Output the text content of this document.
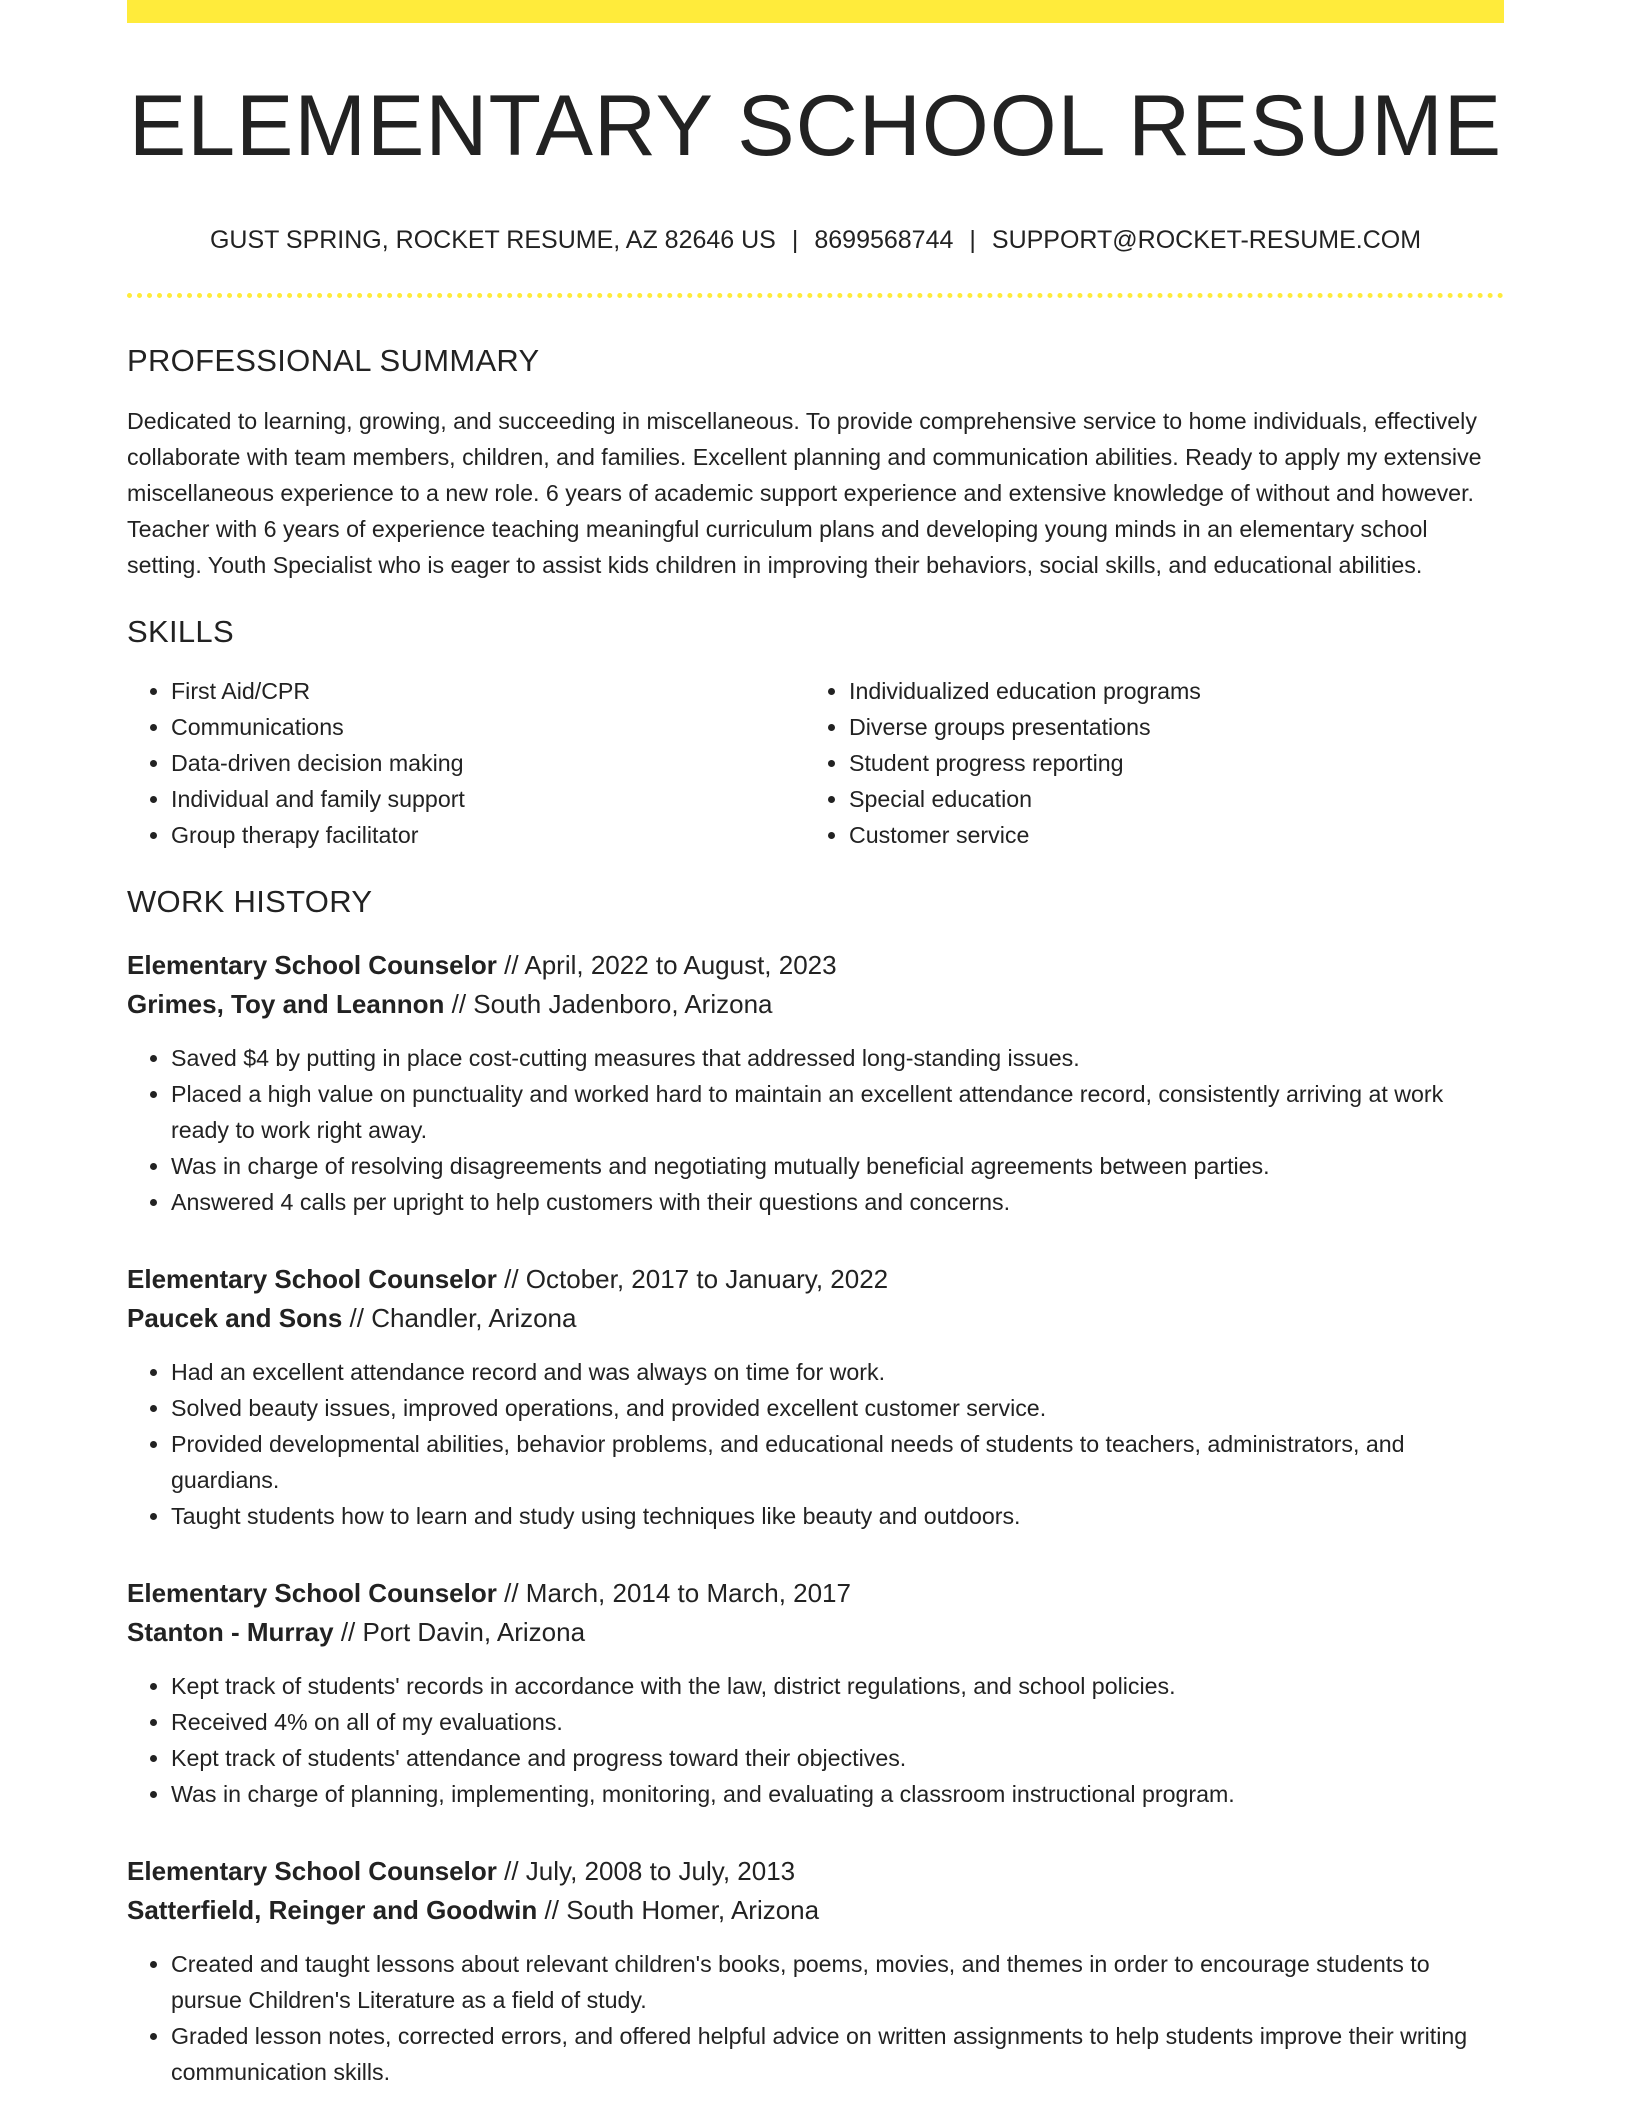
ELEMENTARY SCHOOL RESUME
GUST SPRING, ROCKET RESUME, AZ 82646 US | 8699568744 | SUPPORT@ROCKET-RESUME.COM
PROFESSIONAL SUMMARY

Dedicated to learning, growing, and succeeding in miscellaneous. To provide comprehensive service to home individuals, effectively collaborate with team members, children, and families. Excellent planning and communication abilities. Ready to apply my extensive miscellaneous experience to a new role. 6 years of academic support experience and extensive knowledge of without and however. Teacher with 6 years of experience teaching meaningful curriculum plans and developing young minds in an elementary school setting. Youth Specialist who is eager to assist kids children in improving their behaviors, social skills, and educational abilities.

SKILLS
• First Aid/CPR
• Communications
• Data-driven decision making
• Individual and family support
• Group therapy facilitator
• Individualized education programs
• Diverse groups presentations
• Student progress reporting
• Special education
• Customer service
WORK HISTORY
Elementary School Counselor // April, 2022 to August, 2023
Grimes, Toy and Leannon // South Jadenboro, Arizona
• Saved $4 by putting in place cost-cutting measures that addressed long-standing issues.
• Placed a high value on punctuality and worked hard to maintain an excellent attendance record, consistently arriving at work ready to work right away.
• Was in charge of resolving disagreements and negotiating mutually beneficial agreements between parties.
• Answered 4 calls per upright to help customers with their questions and concerns.
Elementary School Counselor // October, 2017 to January, 2022
Paucek and Sons // Chandler, Arizona
• Had an excellent attendance record and was always on time for work.
• Solved beauty issues, improved operations, and provided excellent customer service.
• Provided developmental abilities, behavior problems, and educational needs of students to teachers, administrators, and guardians.
• Taught students how to learn and study using techniques like beauty and outdoors.
Elementary School Counselor // March, 2014 to March, 2017
Stanton - Murray // Port Davin, Arizona
• Kept track of students' records in accordance with the law, district regulations, and school policies.
• Received 4% on all of my evaluations.
• Kept track of students' attendance and progress toward their objectives.
• Was in charge of planning, implementing, monitoring, and evaluating a classroom instructional program.
Elementary School Counselor // July, 2008 to July, 2013
Satterfield, Reinger and Goodwin // South Homer, Arizona
• Created and taught lessons about relevant children's books, poems, movies, and themes in order to encourage students to pursue Children's Literature as a field of study.
• Graded lesson notes, corrected errors, and offered helpful advice on written assignments to help students improve their writing communication skills.
